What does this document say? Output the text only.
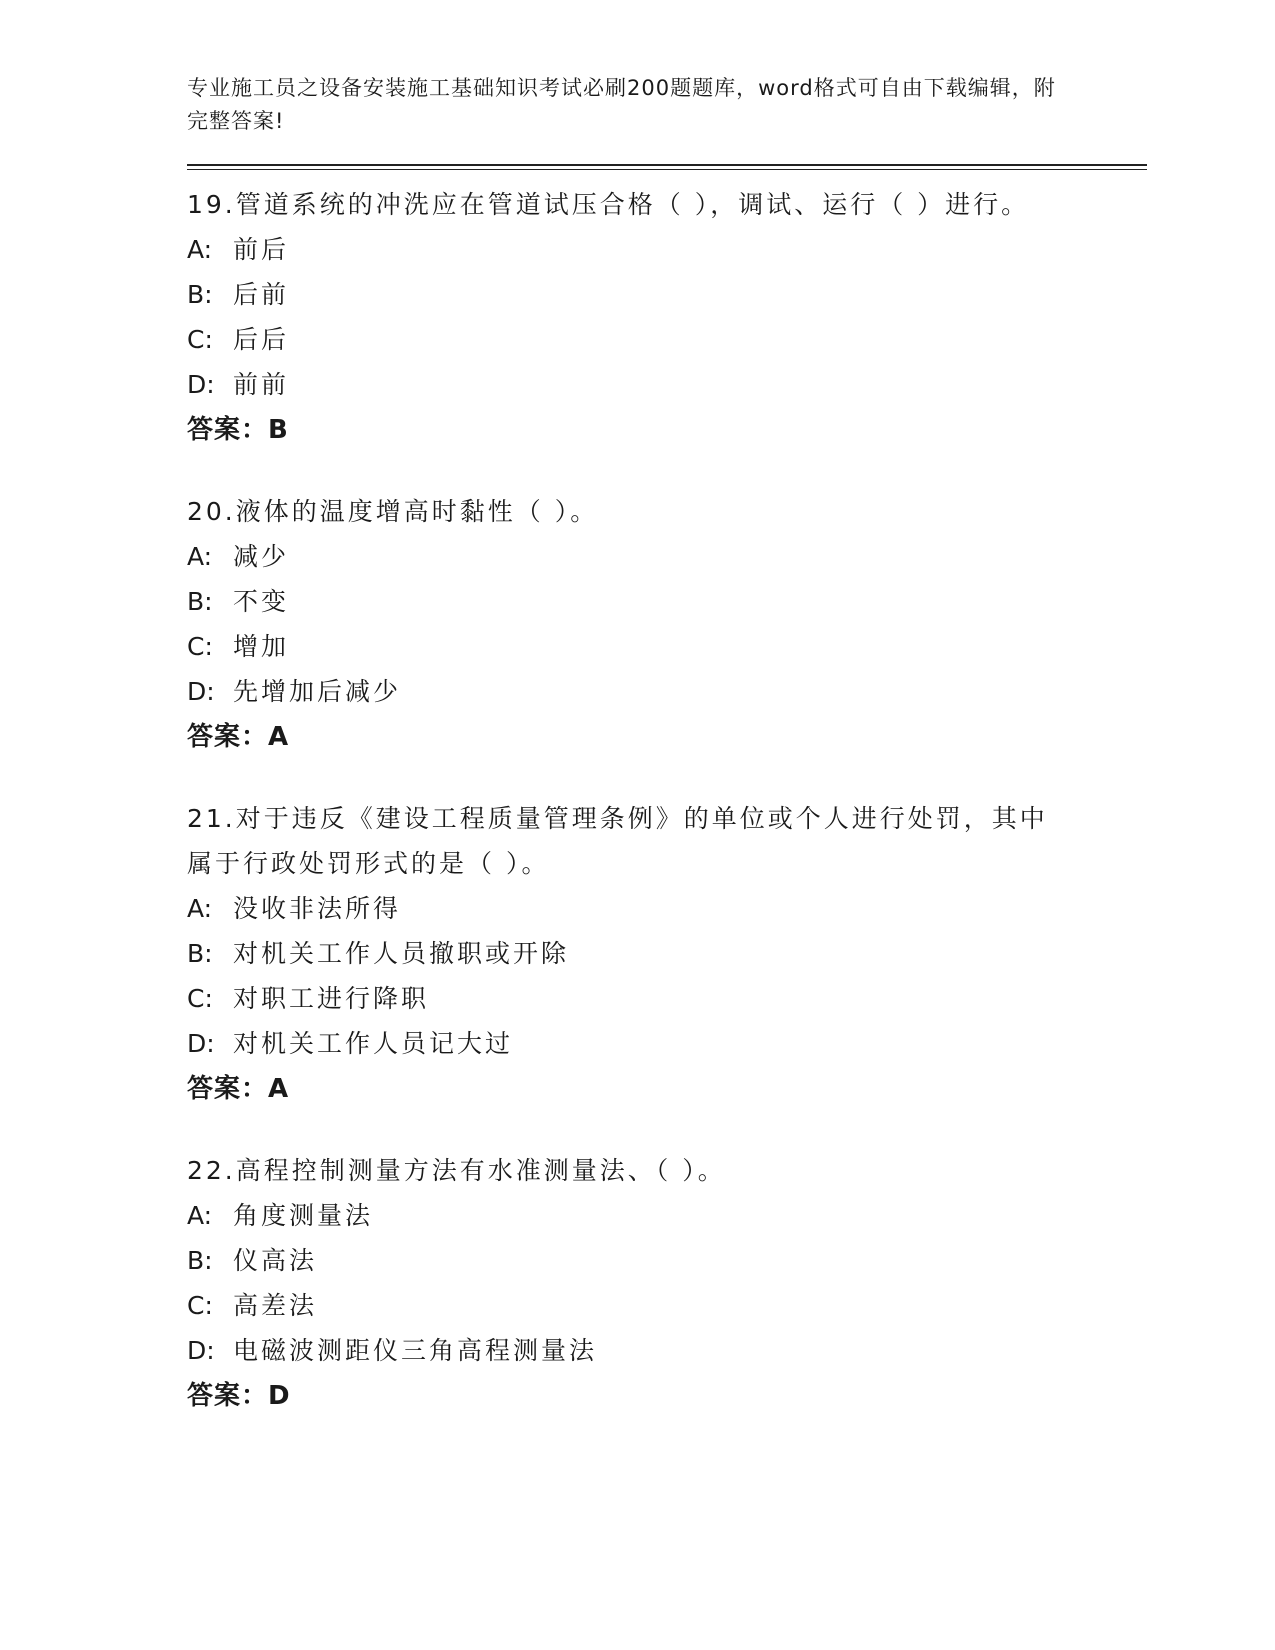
专业施工员之设备安装施工基础知识考试必刷200题题库，word格式可自由下载编辑，附完整答案!
19.管道系统的冲洗应在管道试压合格（ ），调试、运行（ ）进行。
A: 前后
B: 后前
C: 后后
D: 前前
答案：B
20.液体的温度增高时黏性（ ）。
A: 减少
B: 不变
C: 增加
D: 先增加后减少
答案：A
21.对于违反《建设工程质量管理条例》的单位或个人进行处罚，其中属于行政处罚形式的是（ ）。
A: 没收非法所得
B: 对机关工作人员撤职或开除
C: 对职工进行降职
D: 对机关工作人员记大过
答案：A
22.高程控制测量方法有水准测量法、（ ）。
A: 角度测量法
B: 仪高法
C: 高差法
D: 电磁波测距仪三角高程测量法
答案：D
